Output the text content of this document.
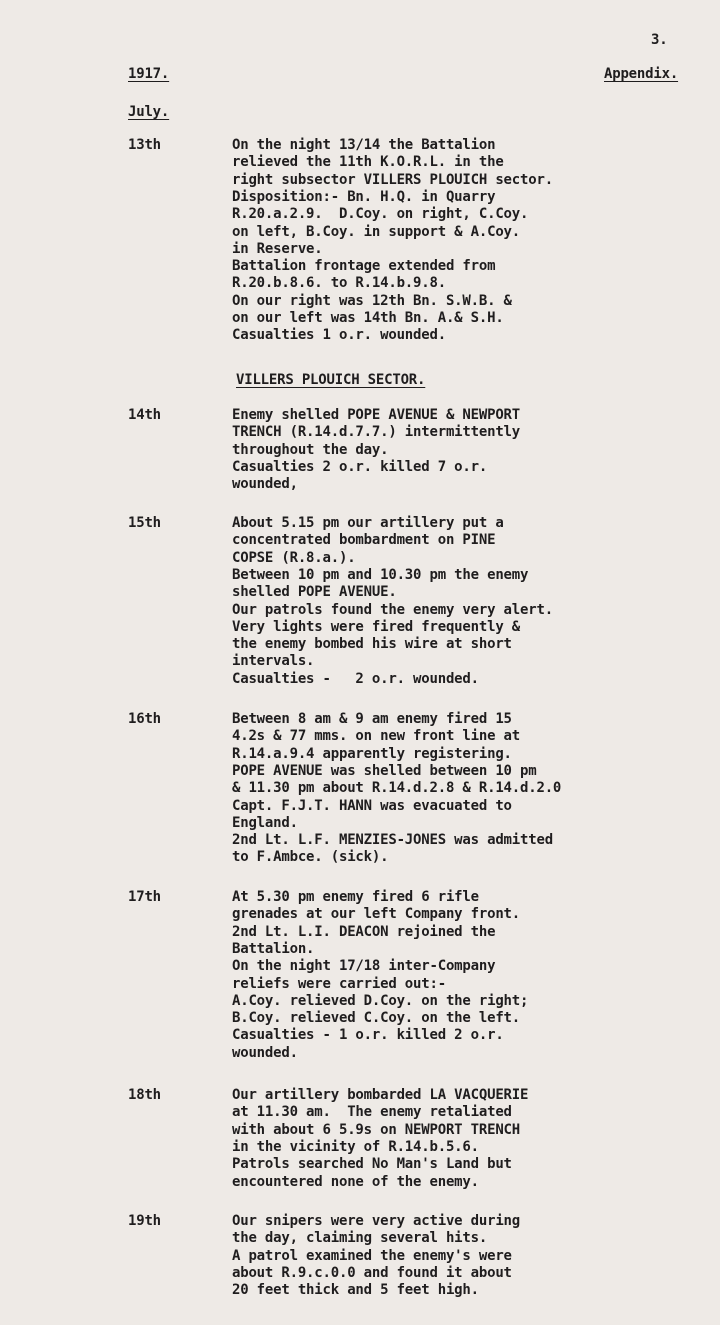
3.

1917.	Appendix.

July.

VILLERS PLOUICH SECTOR.

13th	On the night 13/14 the Battalion

relieved the 11th K.O.R.L. in the

right subsector VILLERS PLOUICH sector.

Disposition:- Bn. H.Q. in Quarry

R.20.a.2.9.  D.Coy. on right, C.Coy.

on left, B.Coy. in support & A.Coy.

in Reserve.

Battalion frontage extended from

R.20.b.8.6. to R.14.b.9.8.

On our right was 12th Bn. S.W.B. &

on our left was 14th Bn. A.& S.H.

Casualties 1 o.r. wounded.

14th	Enemy shelled POPE AVENUE & NEWPORT

TRENCH (R.14.d.7.7.) intermittently

throughout the day.

Casualties 2 o.r. killed 7 o.r.

wounded,

15th	About 5.15 pm our artillery put a

concentrated bombardment on PINE

COPSE (R.8.a.).

Between 10 pm and 10.30 pm the enemy

shelled POPE AVENUE.

Our patrols found the enemy very alert.

Very lights were fired frequently &

the enemy bombed his wire at short

intervals.

Casualties -   2 o.r. wounded.

16th	Between 8 am & 9 am enemy fired 15

4.2s & 77 mms. on new front line at

R.14.a.9.4 apparently registering.

POPE AVENUE was shelled between 10 pm

& 11.30 pm about R.14.d.2.8 & R.14.d.2.0

Capt. F.J.T. HANN was evacuated to

England.

2nd Lt. L.F. MENZIES-JONES was admitted

to F.Ambce. (sick).

17th	At 5.30 pm enemy fired 6 rifle

grenades at our left Company front.

2nd Lt. L.I. DEACON rejoined the

Battalion.

On the night 17/18 inter-Company

reliefs were carried out:-

A.Coy. relieved D.Coy. on the right;

B.Coy. relieved C.Coy. on the left.

Casualties - 1 o.r. killed 2 o.r.

wounded.

18th	Our artillery bombarded LA VACQUERIE

at 11.30 am.  The enemy retaliated

with about 6 5.9s on NEWPORT TRENCH

in the vicinity of R.14.b.5.6.

Patrols searched No Man's Land but

encountered none of the enemy.

19th	Our snipers were very active during

the day, claiming several hits.

A patrol examined the enemy's were

about R.9.c.0.0 and found it about

20 feet thick and 5 feet high.
